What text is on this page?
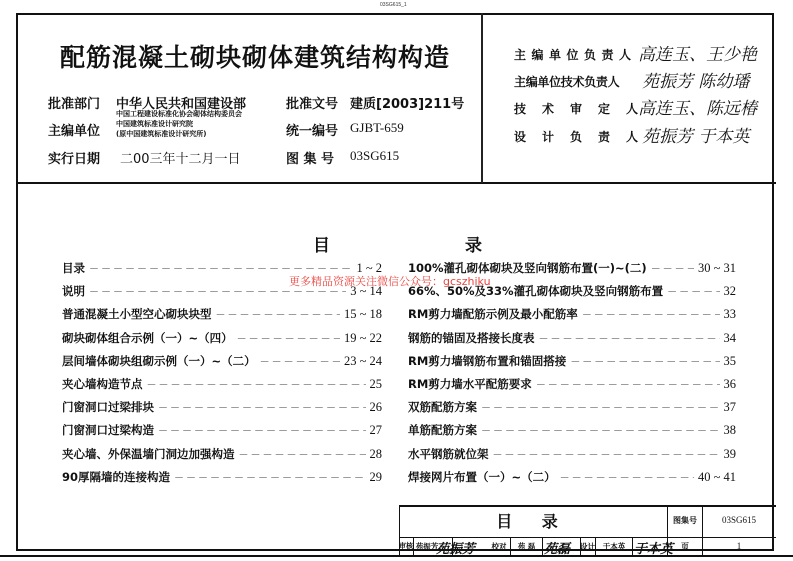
03SG615_1
配筋混凝土砌块砌体建筑结构构造
批准部门 中华人民共和国建设部
主编单位
中国工程建设标准化协会砌体结构委员会
中国建筑标准设计研究院
(原中国建筑标准设计研究所)
实行日期 二00三年十二月一日
批准文号 建质[2003]211号
统一编号 GJBT-659
图 集 号 03SG615
主编单位负责人 高连玉、王少艳
主编单位技术负责人 苑振芳 陈幼璠
技术审定人
高连玉、陈远椿
设计负责人
苑振芳 于本英
目	录
目录 －－－－－－－－－－－－－－－－－－－－－－－－－－－－－－－－－－－－－－－－	1 ~ 2
说明 －－－－－－－－－－－－－－－－－－－－－－－－－－－－－－－－－－－－－－－－	3 ~ 14
普通混凝土小型空心砌块块型 －－－－－－－－－－－－－－－－－－－－－－－－－－－－－－－－－－－－－－－－	15 ~ 18
砌块砌体组合示例（一）~（四） －－－－－－－－－－－－－－－－－－－－－－－－－－－－－－－－－－－－－－－－	19 ~ 22
层间墙体砌块组砌示例（一）~（二） －－－－－－－－－－－－－－－－－－－－－－－－－－－－－－－－－－－－－－－－	23 ~ 24
夹心墙构造节点 －－－－－－－－－－－－－－－－－－－－－－－－－－－－－－－－－－－－－－－－	25
门窗洞口过梁排块 －－－－－－－－－－－－－－－－－－－－－－－－－－－－－－－－－－－－－－－－	26
门窗洞口过梁构造 －－－－－－－－－－－－－－－－－－－－－－－－－－－－－－－－－－－－－－－－	27
夹心墙、外保温墙门洞边加强构造 －－－－－－－－－－－－－－－－－－－－－－－－－－－－－－－－－－－－－－－－	28
90厚隔墙的连接构造 －－－－－－－－－－－－－－－－－－－－－－－－－－－－－－－－－－－－－－－－	29
100%灌孔砌体砌块及竖向钢筋布置(一)~(二) －－－－－－－－－－－－－－－－－－－－－－－－－－－－－－－－－－－－－－－－	30 ~ 31
66%、50%及33%灌孔砌体砌块及竖向钢筋布置 －－－－－－－－－－－－－－－－－－－－－－－－－－－－－－－－－－－－－－－－	32
RM剪力墙配筋示例及最小配筋率 －－－－－－－－－－－－－－－－－－－－－－－－－－－－－－－－－－－－－－－－	33
钢筋的锚固及搭接长度表 －－－－－－－－－－－－－－－－－－－－－－－－－－－－－－－－－－－－－－－－	34
RM剪力墙钢筋布置和锚固搭接 －－－－－－－－－－－－－－－－－－－－－－－－－－－－－－－－－－－－－－－－	35
RM剪力墙水平配筋要求 －－－－－－－－－－－－－－－－－－－－－－－－－－－－－－－－－－－－－－－－	36
双筋配筋方案 －－－－－－－－－－－－－－－－－－－－－－－－－－－－－－－－－－－－－－－－	37
单筋配筋方案 －－－－－－－－－－－－－－－－－－－－－－－－－－－－－－－－－－－－－－－－	38
水平钢筋就位架 －－－－－－－－－－－－－－－－－－－－－－－－－－－－－－－－－－－－－－－－	39
焊接网片布置（一）~（二） －－－－－－－－－－－－－－－－－－－－－－－－－－－－－－－－－－－－－－－－	40 ~ 41
更多精品资源关注微信公众号：gcszhiku
目 录	图集号	03SG615
页	1
审核 苑振芳
苑振芳	校对	苑 磊 苑磊 设计	于本英 于本英
